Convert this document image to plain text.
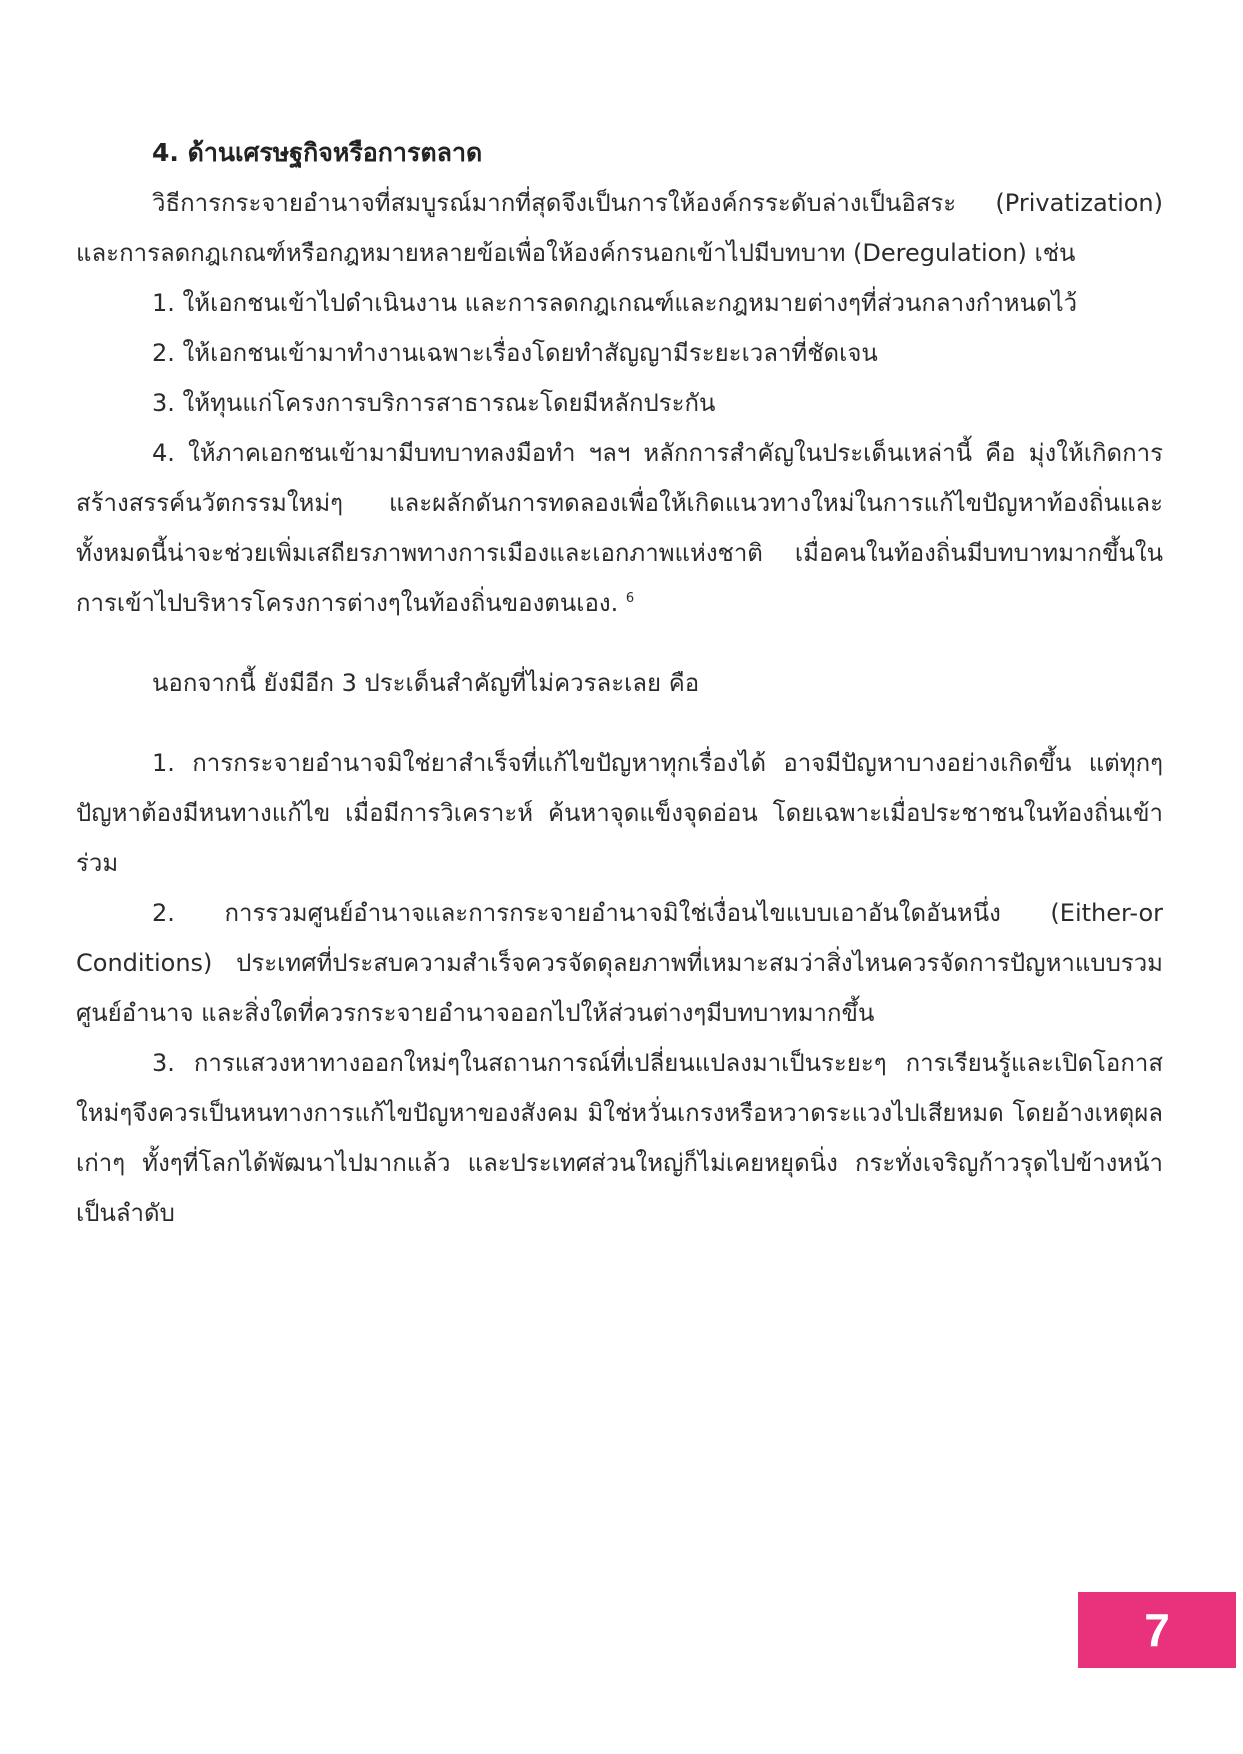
4. ด้านเศรษฐกิจหรือการตลาด

วิธีการกระจายอำนาจที่สมบูรณ์มากที่สุดจึงเป็นการให้องค์กรระดับล่างเป็นอิสระ (Privatization) และการลดกฎเกณฑ์หรือกฎหมายหลายข้อเพื่อให้องค์กรนอกเข้าไปมีบทบาท (Deregulation) เช่น

1. ให้เอกชนเข้าไปดำเนินงาน และการลดกฎเกณฑ์และกฎหมายต่างๆที่ส่วนกลางกำหนดไว้

2. ให้เอกชนเข้ามาทำงานเฉพาะเรื่องโดยทำสัญญามีระยะเวลาที่ชัดเจน

3. ให้ทุนแก่โครงการบริการสาธารณะโดยมีหลักประกัน

4. ให้ภาคเอกชนเข้ามามีบทบาทลงมือทำ ฯลฯ หลักการสำคัญในประเด็นเหล่านี้ คือ มุ่งให้เกิดการสร้างสรรค์นวัตกรรมใหม่ๆ และผลักดันการทดลองเพื่อให้เกิดแนวทางใหม่ในการแก้ไขปัญหาท้องถิ่นและทั้งหมดนี้น่าจะช่วยเพิ่มเสถียรภาพทางการเมืองและเอกภาพแห่งชาติ เมื่อคนในท้องถิ่นมีบทบาทมากขึ้นในการเข้าไปบริหารโครงการต่างๆในท้องถิ่นของตนเอง. $^6$

นอกจากนี้ ยังมีอีก 3 ประเด็นสำคัญที่ไม่ควรละเลย คือ

1. การกระจายอำนาจมิใช่ยาสำเร็จที่แก้ไขปัญหาทุกเรื่องได้ อาจมีปัญหาบางอย่างเกิดขึ้น แต่ทุกๆปัญหาต้องมีหนทางแก้ไข เมื่อมีการวิเคราะห์ ค้นหาจุดแข็งจุดอ่อน โดยเฉพาะเมื่อประชาชนในท้องถิ่นเข้าร่วม

2. การรวมศูนย์อำนาจและการกระจายอำนาจมิใช่เงื่อนไขแบบเอาอันใดอันหนึ่ง (Either-or Conditions) ประเทศที่ประสบความสำเร็จควรจัดดุลยภาพที่เหมาะสมว่าสิ่งไหนควรจัดการปัญหาแบบรวมศูนย์อำนาจ และสิ่งใดที่ควรกระจายอำนาจออกไปให้ส่วนต่างๆมีบทบาทมากขึ้น

3. การแสวงหาทางออกใหม่ๆในสถานการณ์ที่เปลี่ยนแปลงมาเป็นระยะๆ การเรียนรู้และเปิดโอกาสใหม่ๆจึงควรเป็นหนทางการแก้ไขปัญหาของสังคม มิใช่หวั่นเกรงหรือหวาดระแวงไปเสียหมด โดยอ้างเหตุผลเก่าๆ ทั้งๆที่โลกได้พัฒนาไปมากแล้ว และประเทศส่วนใหญ่ก็ไม่เคยหยุดนิ่ง กระทั่งเจริญก้าวรุดไปข้างหน้าเป็นลำดับ

7
